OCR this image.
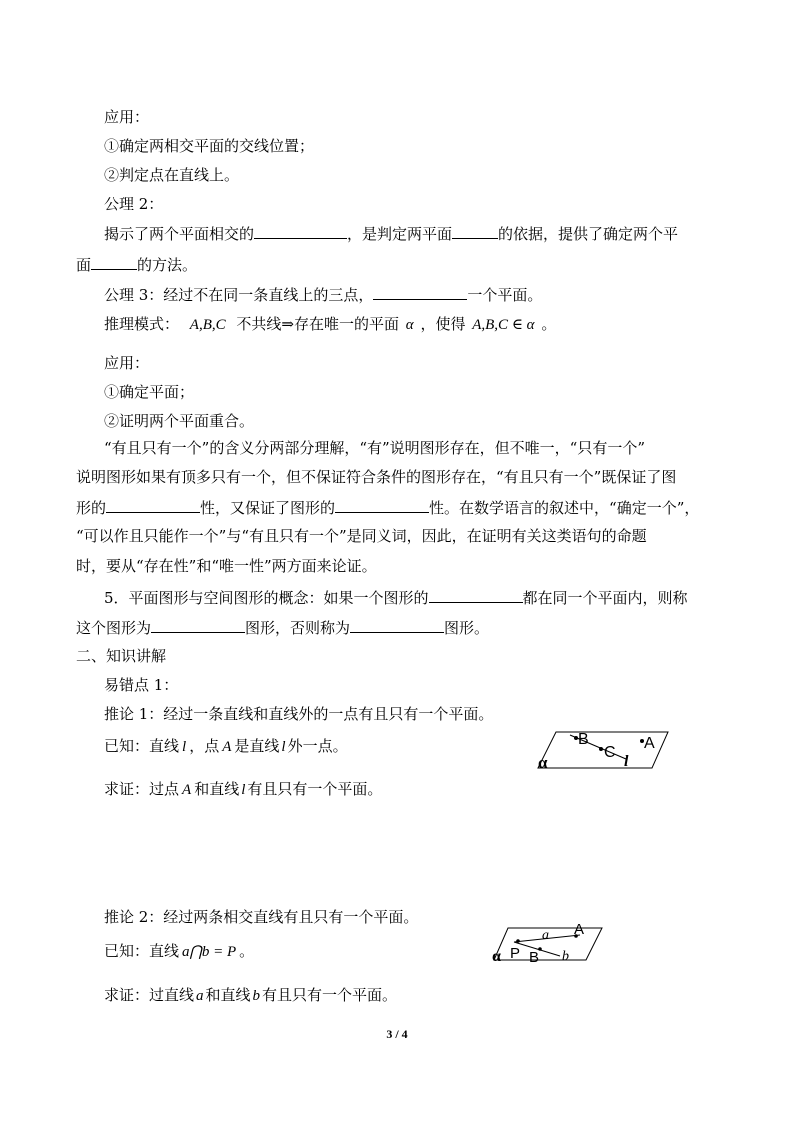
应用：
①确定两相交平面的交线位置；
②判定点在直线上。
公理 2：
揭示了两个平面相交的	，是判定两平面	的依据，提供了确定两个平
面	的方法。
公理 3：经过不在同一条直线上的三点，	一个平面。
推理模式： A,B,C 不共线⇒存在唯一的平面 α ，使得 A,B,C ∈ α 。
应用：
①确定平面；
②证明两个平面重合。
“有且只有一个”的含义分两部分理解，“有”说明图形存在，但不唯一，“只有一个”
说明图形如果有顶多只有一个，但不保证符合条件的图形存在，“有且只有一个”既保证了图
形的	性，又保证了图形的	性。在数学语言的叙述中，“确定一个”，
“可以作且只能作一个”与“有且只有一个”是同义词，因此，在证明有关这类语句的命题
时，要从“存在性”和“唯一性”两方面来论证。
5．平面图形与空间图形的概念：如果一个图形的	都在同一个平面内，则称
这个图形为	图形，否则称为	图形。
二、知识讲解
易错点 1：
推论 1：经过一条直线和直线外的一点有且只有一个平面。
已知：直线 l ，点 A 是直线 l 外一点。
求证：过点 A 和直线 l 有且只有一个平面。
B
C
A
l
α
推论 2：经过两条相交直线有且只有一个平面。
已知：直线 a⋂b = P 。
求证：过直线 a 和直线 b 有且只有一个平面。
P B
a A
b
α
3 / 4
